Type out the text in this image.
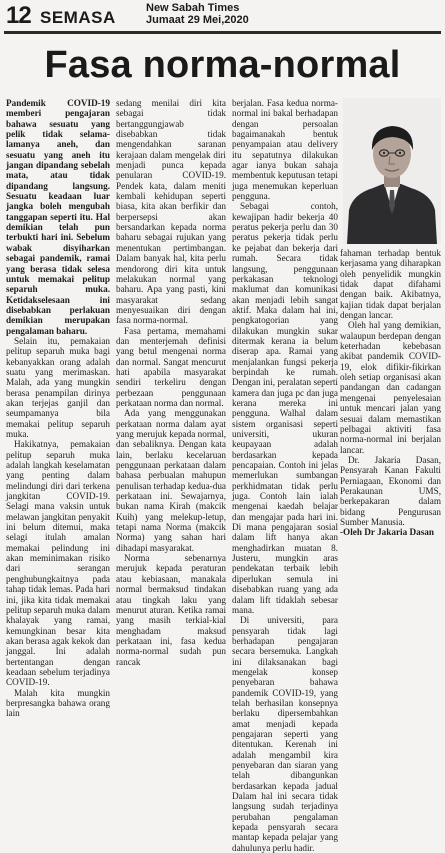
12 SEMASA	New Sabah Times
Jumaat 29 Mei,2020
Fasa norma-normal

Pandemik COVID-19 memberi pengajaran bahawa sesuatu yang pelik tidak selama-lamanya aneh, dan sesuatu yang aneh itu jangan dipandang sebelah mata, atau tidak dipandang langsung. Sesuatu keadaan luar jangka boleh mengubah tanggapan seperti itu. Hal demikian telah pun terbukti hari ini. Sebelum wabak disyiharkan sebagai pandemik, ramai yang berasa tidak selesa untuk memakai pelitup separuh muka. Ketidakselesaan ini disebabkan perlakuan demikian merupakan pengalaman baharu.

Selain itu, pemakaian pelitup separuh muka bagi kebanyakkan orang adalah suatu yang merimaskan. Malah, ada yang mungkin berasa penampilan dirinya akan terjejas ganjil dan seumpamanya bila memakai pelitup separuh muka.

Hakikatnya, pemakaian pelitup separuh muka adalah langkah keselamatan yang penting dalam melindungi diri dari terkena jangkitan COVID-19. Selagi mana vaksin untuk melawan jangkitan penyakit ini belum ditemui, maka selagi itulah amalan memakai pelindung ini akan meminimakan risiko dari serangan penghubungkaitnya pada tahap tidak lemas. Pada hari ini, jika kita tidak memakai pelitup separuh muka dalam khalayak yang ramai, kemungkinan besar kita akan berasa agak kekok dan janggal. Ini adalah bertentangan dengan keadaan sebelum terjadinya COVID-19.

Malah kita mungkin berpresangka bahawa orang lain

sedang menilai diri kita sebagai tidak bertanggungjawab disebabkan tidak mengendahkan saranan kerajaan dalam mengelak diri menjadi punca kepada penularan COVID-19. Pendek kata, dalam meniti kembali kehidupan seperti biasa, kita akan berfikir dan berpersepsi akan bersandarkan kepada norma baharu sebagai rujukan yang menentukan pertimbangan. Dalam banyak hal, kita perlu mendorong diri kita untuk melakukan normal yang baharu. Apa yang pasti, kini masyarakat sedang menyesuaikan diri dengan fasa norma-normal.

Fasa pertama, memahami dan menterjemah definisi yang betul mengenai norma dan normal. Sangat mencurut hati apabila masyarakat sendiri terkeliru dengan perbezaan penggunaan perkataan norma dan normal.

Ada yang menggunakan perkataan norma dalam ayat yang merujuk kepada normal, dan sebaliknya. Dengan kata lain, berlaku kecelaruan penggunaan perkataan dalam bahasa perbualan mahupun penulisan terhadap kedua-dua perkataan ini. Sewajarnya, bukan nama Kirah (makcik Kuih) yang melekup-letup, tetapi nama Norma (makcik Norma) yang sahan hari dihadapi masyarakat.

Norma sebenarnya merujuk kepada peraturan atau kebiasaan, manakala normal bermaksud tindakan atau tingkah laku yang menurut aturan. Ketika ramai yang masih terkial-kial menghadam maksud perkataan ini, fasa kedua norma-normal sudah pun rancak

berjalan. Fasa kedua norma-normal ini bakal berhadapan dengan persoalan bagaimanakah bentuk penyampaian atau delivery itu sepatutnya dilakukan agar ianya bukan sahaja membentuk keputusan tetapi juga menemukan keperluan pengguna.

Sebagai contoh, kewajipan hadir bekerja 40 peratus pekerja perlu dan 30 peratus pekerja tidak perlu ke pejabat dan bekerja dari rumah. Secara tidak langsung, penggunaan perkakasan teknologi maklumat dan komunikasi akan menjadi lebih sangat aktif. Maka dalam hal ini, pengkatogorian yang dilakukan mungkin sukar ditermak kerana ia belum diserap apa. Ramai yang menjalankan fungsi pekerja berpindah ke rumah. Dengan ini, peralatan seperti kamera dan juga pc dan juga kerana mereka ini pengguna. Walhal dalam sistem organisasi seperti universiti, ukuran keupayaan adalah berdasarkan kepada pencapaian. Contoh ini jelas memerlukan sumbangan perkhidmatan tidak perlu juga. Contoh lain ialah mengenai kaedah belajar dan mengajar pada hari ini. Di mana pengajaran sosial dalam lift hanya akan menghadirkan muatan 8. Justeru, mungkin aras pendekatan terbaik lebih diperlukan semula ini disebabkan ruang yang ada dalam lift tidaklah sebesar mana.

Di universiti, para pensyarah tidak lagi berhadapan pengajaran secara bersemuka. Langkah ini dilaksanakan bagi mengelak konsep penyebaran bahawa pandemik COVID-19, yang telah berhasilan konsepnya berlaku dipersembahkan amat menjadi kepada pengajaran seperti yang ditentukan. Kerenah ini adalah mengambil kira penyebaran dan siaran yang telah dibangunkan berdasarkan kepada jadual Dalam hal ini secara tidak langsung sudah terjadinya perubahan pengalaman kepada pensyarah secara mantap kepada pelajar yang dahulunya perlu hadir.

fahaman terhadap bentuk kerjasama yang diharapkan oleh penyelidik mungkin tidak dapat difahami dengan baik. Akibatnya, kajian tidak dapat berjalan dengan lancar.

Oleh hal yang demikian, walaupun berdepan dengan keterhadan kebebasan akibat pandemik COVID-19, elok difikir-fikirkan oleh setiap organisasi akan pandangan dan cadangan mengenai penyelesaian untuk mencari jalan yang sesuai dalam memastikan pelbagai aktiviti fasa norma-normal ini berjalan lancar.

Dr. Jakaria Dasan, Pensyarah Kanan Fakulti Perniagaan, Ekonomi dan Perakaunan UMS, berkepakaran dalam bidang Pengurusan Sumber Manusia.

-Oleh Dr Jakaria Dasan
